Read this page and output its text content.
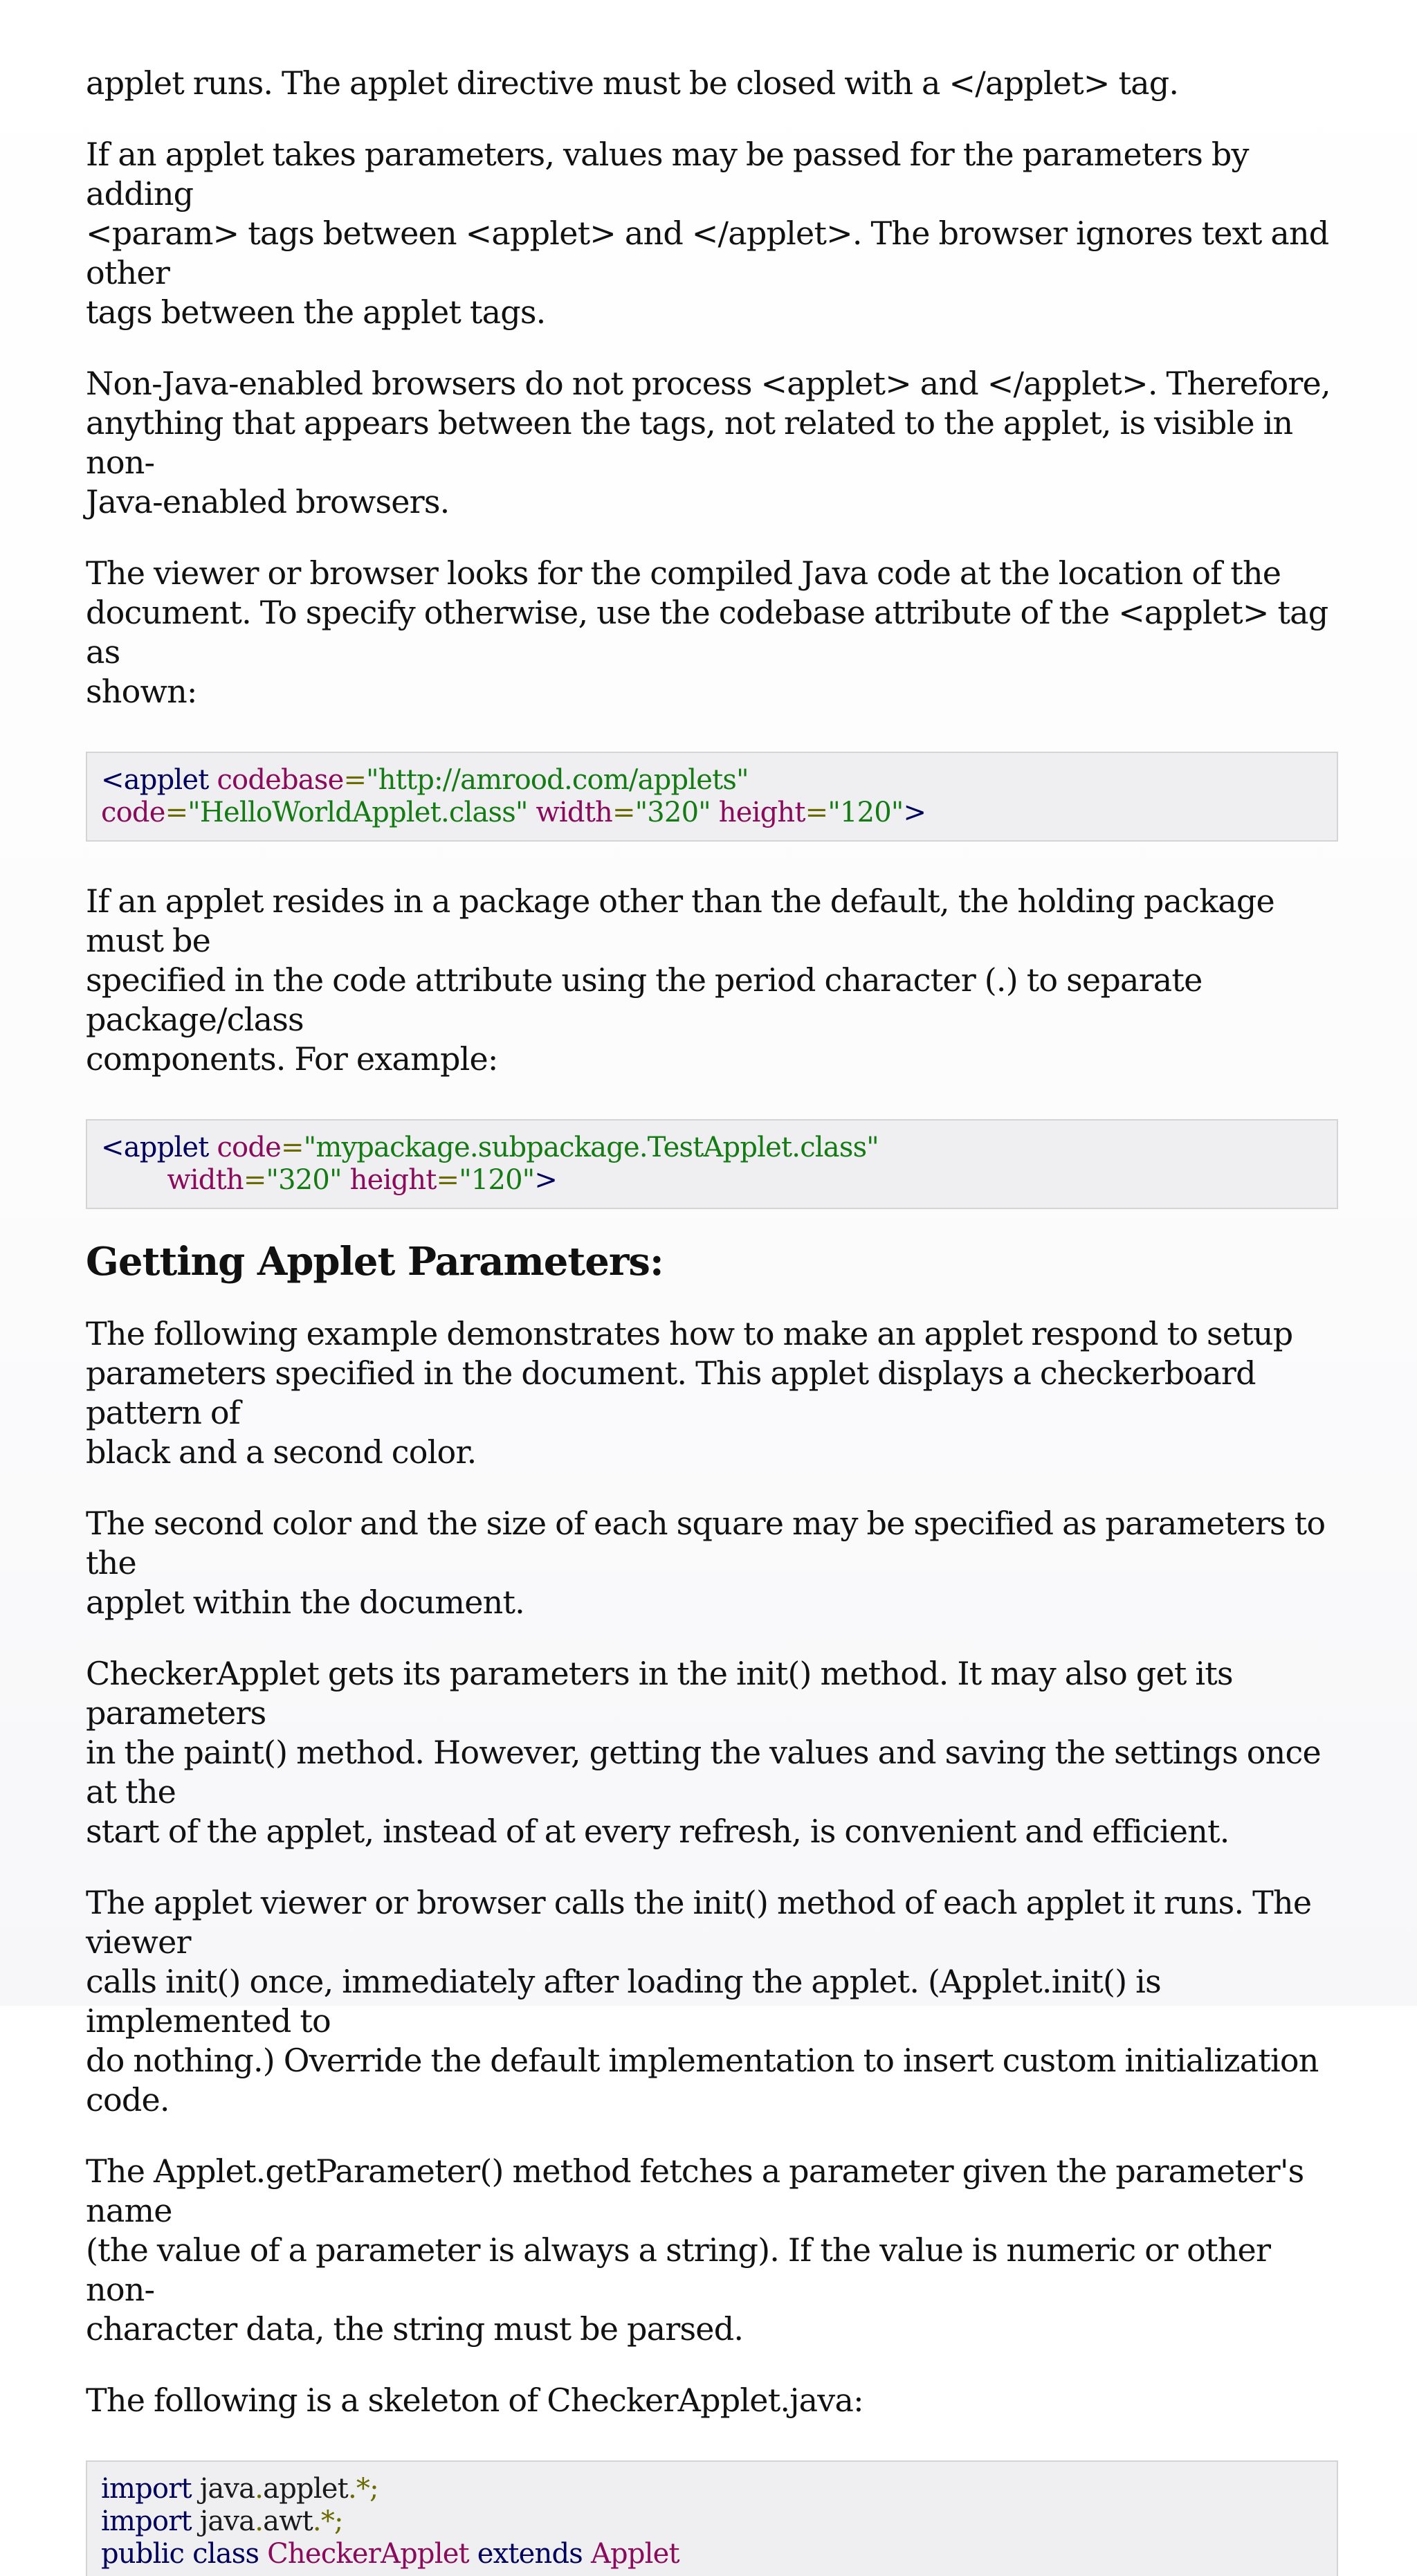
applet runs. The applet directive must be closed with a </applet> tag.

If an applet takes parameters, values may be passed for the parameters by adding
<param> tags between <applet> and </applet>. The browser ignores text and other
tags between the applet tags.

Non-Java-enabled browsers do not process <applet> and </applet>. Therefore,
anything that appears between the tags, not related to the applet, is visible in non-
Java-enabled browsers.

The viewer or browser looks for the compiled Java code at the location of the
document. To specify otherwise, use the codebase attribute of the <applet> tag as
shown:

<applet codebase="http://amrood.com/applets"
code="HelloWorldApplet.class" width="320" height="120">

If an applet resides in a package other than the default, the holding package must be
specified in the code attribute using the period character (.) to separate package/class
components. For example:

<applet code="mypackage.subpackage.TestApplet.class"
width="320" height="120">
Getting Applet Parameters:

The following example demonstrates how to make an applet respond to setup
parameters specified in the document. This applet displays a checkerboard pattern of
black and a second color.

The second color and the size of each square may be specified as parameters to the
applet within the document.

CheckerApplet gets its parameters in the init() method. It may also get its parameters
in the paint() method. However, getting the values and saving the settings once at the
start of the applet, instead of at every refresh, is convenient and efficient.

The applet viewer or browser calls the init() method of each applet it runs. The viewer
calls init() once, immediately after loading the applet. (Applet.init() is implemented to
do nothing.) Override the default implementation to insert custom initialization code.

The Applet.getParameter() method fetches a parameter given the parameter's name
(the value of a parameter is always a string). If the value is numeric or other non-
character data, the string must be parsed.

The following is a skeleton of CheckerApplet.java:

import java.applet.*;
import java.awt.*;
public class CheckerApplet extends Applet
